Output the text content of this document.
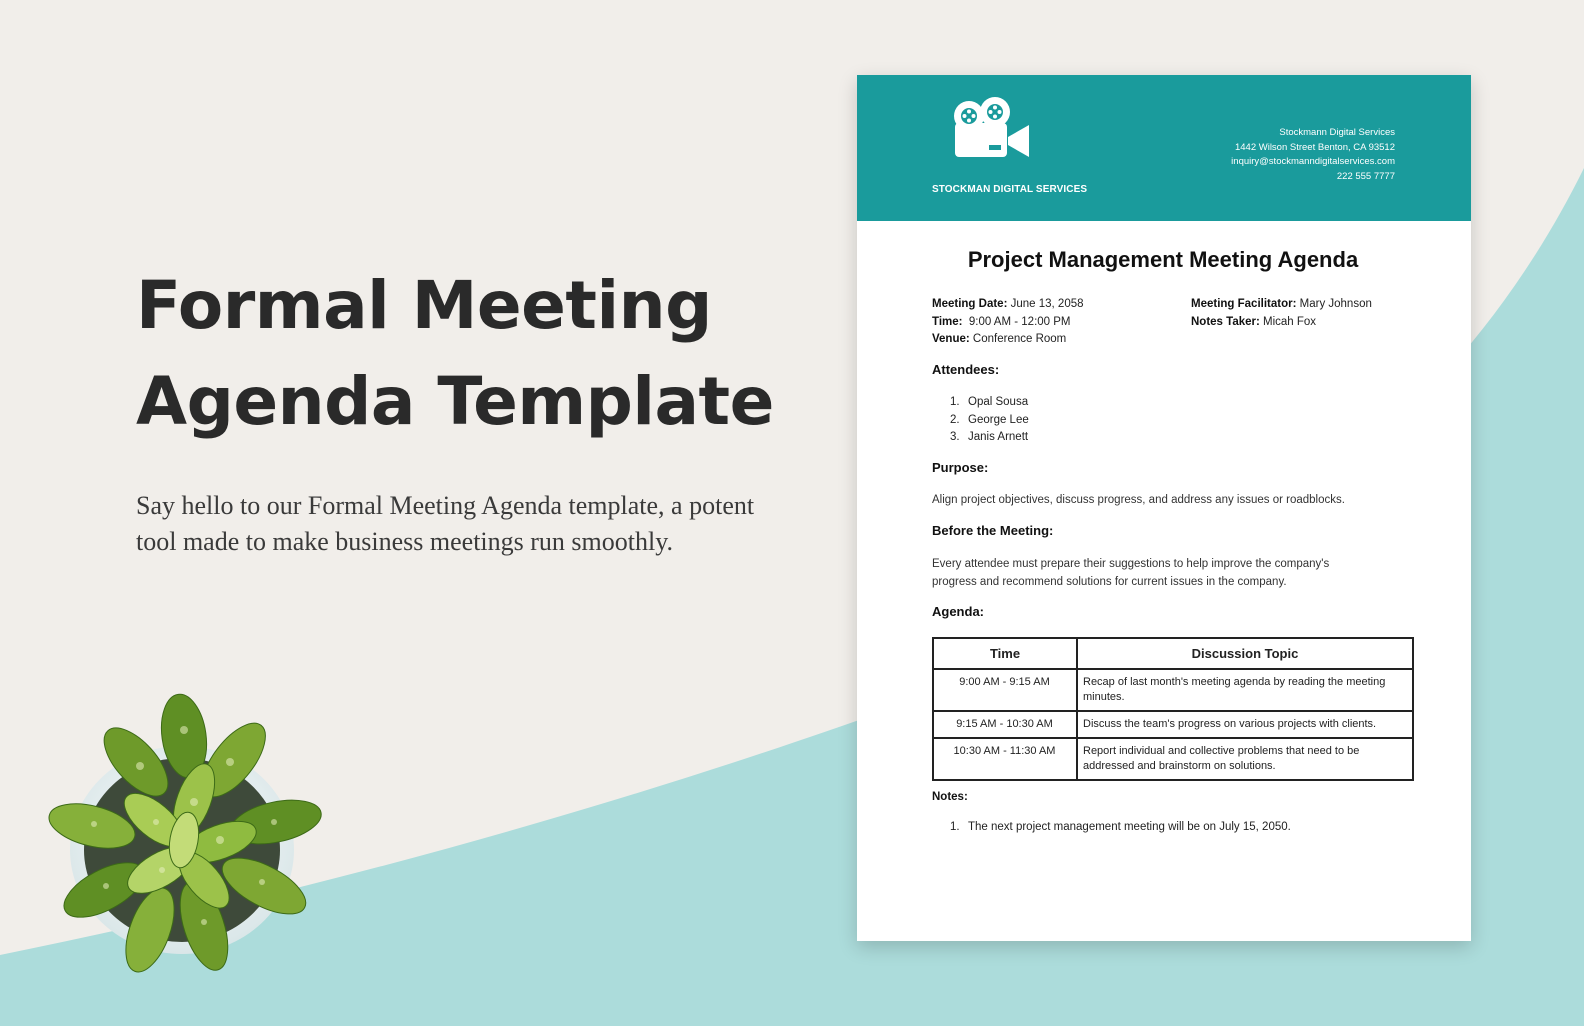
Formal Meeting
Agenda Template

Say hello to our Formal Meeting Agenda template, a potent tool made to make business meetings run smoothly.

STOCKMAN DIGITAL SERVICES
Stockmann Digital Services
1442 Wilson Street Benton, CA 93512
inquiry@stockmanndigitalservices.com
222 555 7777
Project Management Meeting Agenda
Meeting Date: June 13, 2058
Time: 9:00 AM - 12:00 PM
Venue: Conference Room
Meeting Facilitator: Mary Johnson
Notes Taker: Micah Fox
Attendees:
1. Opal Sousa
2. George Lee
3. Janis Arnett
Purpose:
Align project objectives, discuss progress, and address any issues or roadblocks.
Before the Meeting:
Every attendee must prepare their suggestions to help improve the company's
progress and recommend solutions for current issues in the company.
Agenda:
Time	Discussion Topic
9:00 AM - 9:15 AM	Recap of last month's meeting agenda by reading the meeting minutes.
9:15 AM - 10:30 AM	Discuss the team's progress on various projects with clients.
10:30 AM - 11:30 AM	Report individual and collective problems that need to be addressed and brainstorm on solutions.
Notes:
1. The next project management meeting will be on July 15, 2050.
